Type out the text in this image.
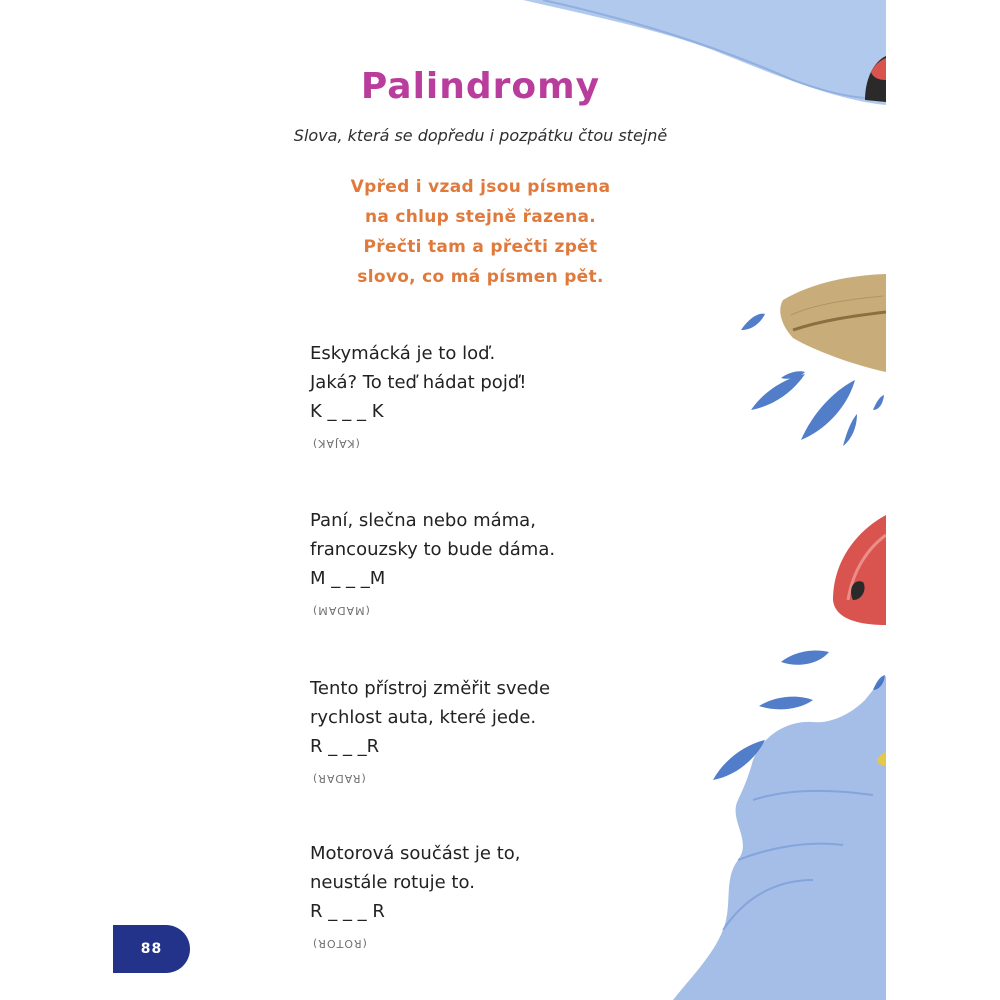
Palindromy
Slova, která se dopředu i pozpátku čtou stejně
Vpřed i vzad jsou písmena
na chlup stejně řazena.
Přečti tam a přečti zpět
slovo, co má písmen pět.
Eskymácká je to loď.
Jaká? To teď hádat pojď!
K _ _ _ K
(KAJAK)
Paní, slečna nebo máma,
francouzsky to bude dáma.
M _ _ _M
(MADAM)
Tento přístroj změřit svede
rychlost auta, které jede.
R _ _ _R
(RADAR)
Motorová součást je to,
neustále rotuje to.
R _ _ _ R
(ROTOR)
88
